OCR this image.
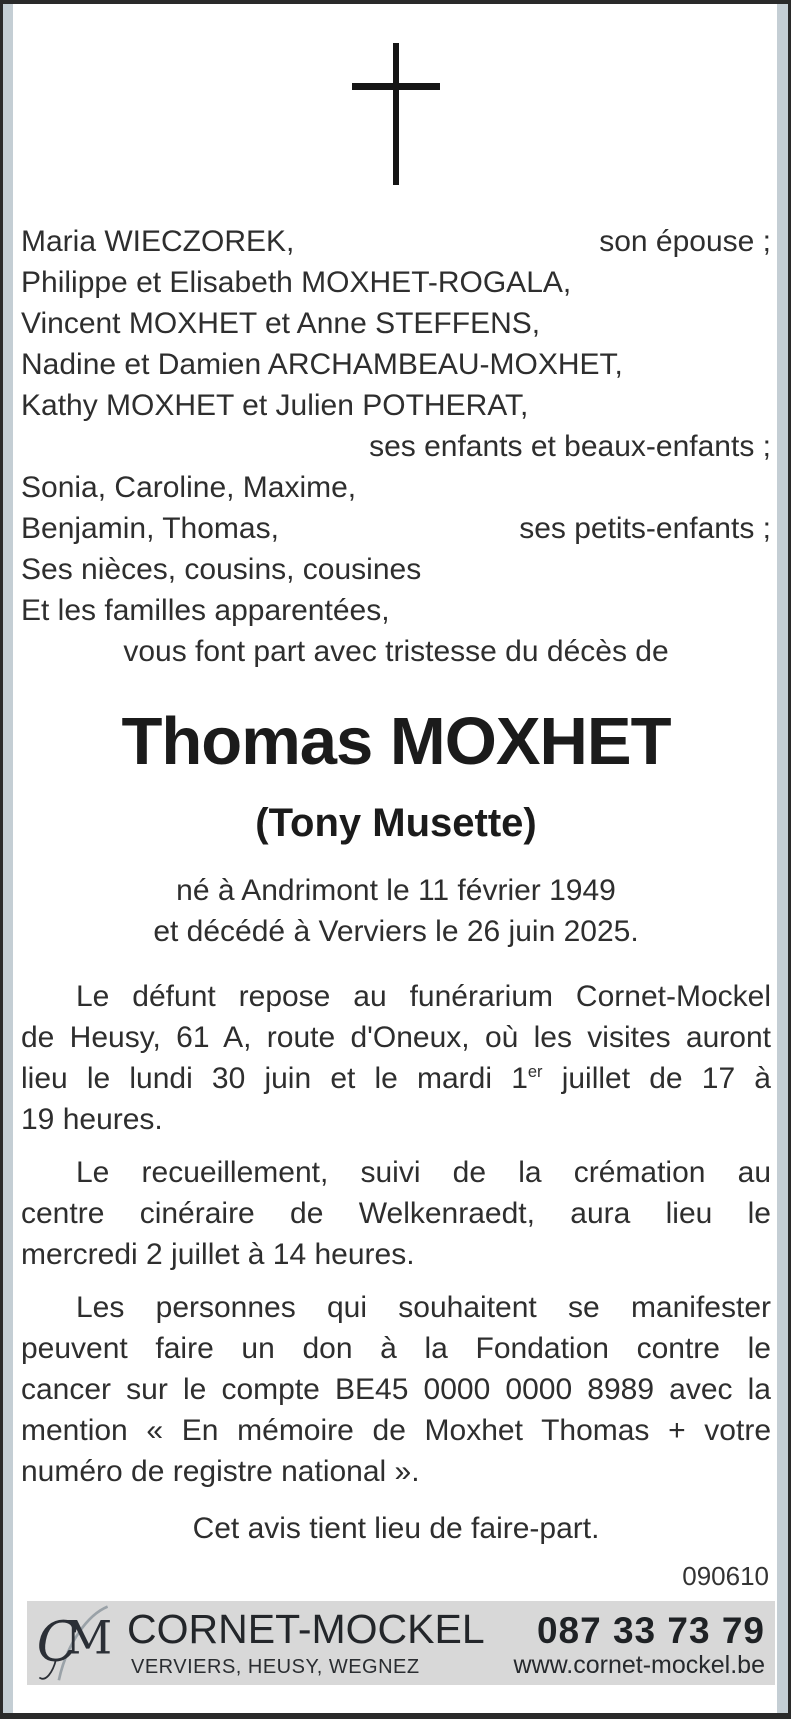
Maria WIECZOREK,	son épouse ;
Philippe et Elisabeth MOXHET-ROGALA,
Vincent MOXHET et Anne STEFFENS,
Nadine et Damien ARCHAMBEAU-MOXHET,
Kathy MOXHET et Julien POTHERAT,
ses enfants et beaux-enfants ;
Sonia, Caroline, Maxime,
Benjamin, Thomas,	ses petits-enfants ;
Ses nièces, cousins, cousines
Et les familles apparentées,
vous font part avec tristesse du décès de
Thomas MOXHET
(Tony Musette)
né à Andrimont le 11 février 1949
et décédé à Verviers le 26 juin 2025.
Le défunt repose au funérarium Cornet-Mockel
de Heusy, 61 A, route d'Oneux, où les visites auront
lieu le lundi 30 juin et le mardi 1er juillet de 17 à
19 heures.
Le recueillement, suivi de la crémation au
centre cinéraire de Welkenraedt, aura lieu le
mercredi 2 juillet à 14 heures.
Les personnes qui souhaitent se manifester
peuvent faire un don à la Fondation contre le
cancer sur le compte BE45 0000 0000 8989 avec la
mention « En mémoire de Moxhet Thomas + votre
numéro de registre national ».
Cet avis tient lieu de faire-part.
090610
C
M CORNET-MOCKEL 087 33 73 79
VERVIERS, HEUSY, WEGNEZ	www.cornet-mockel.be
